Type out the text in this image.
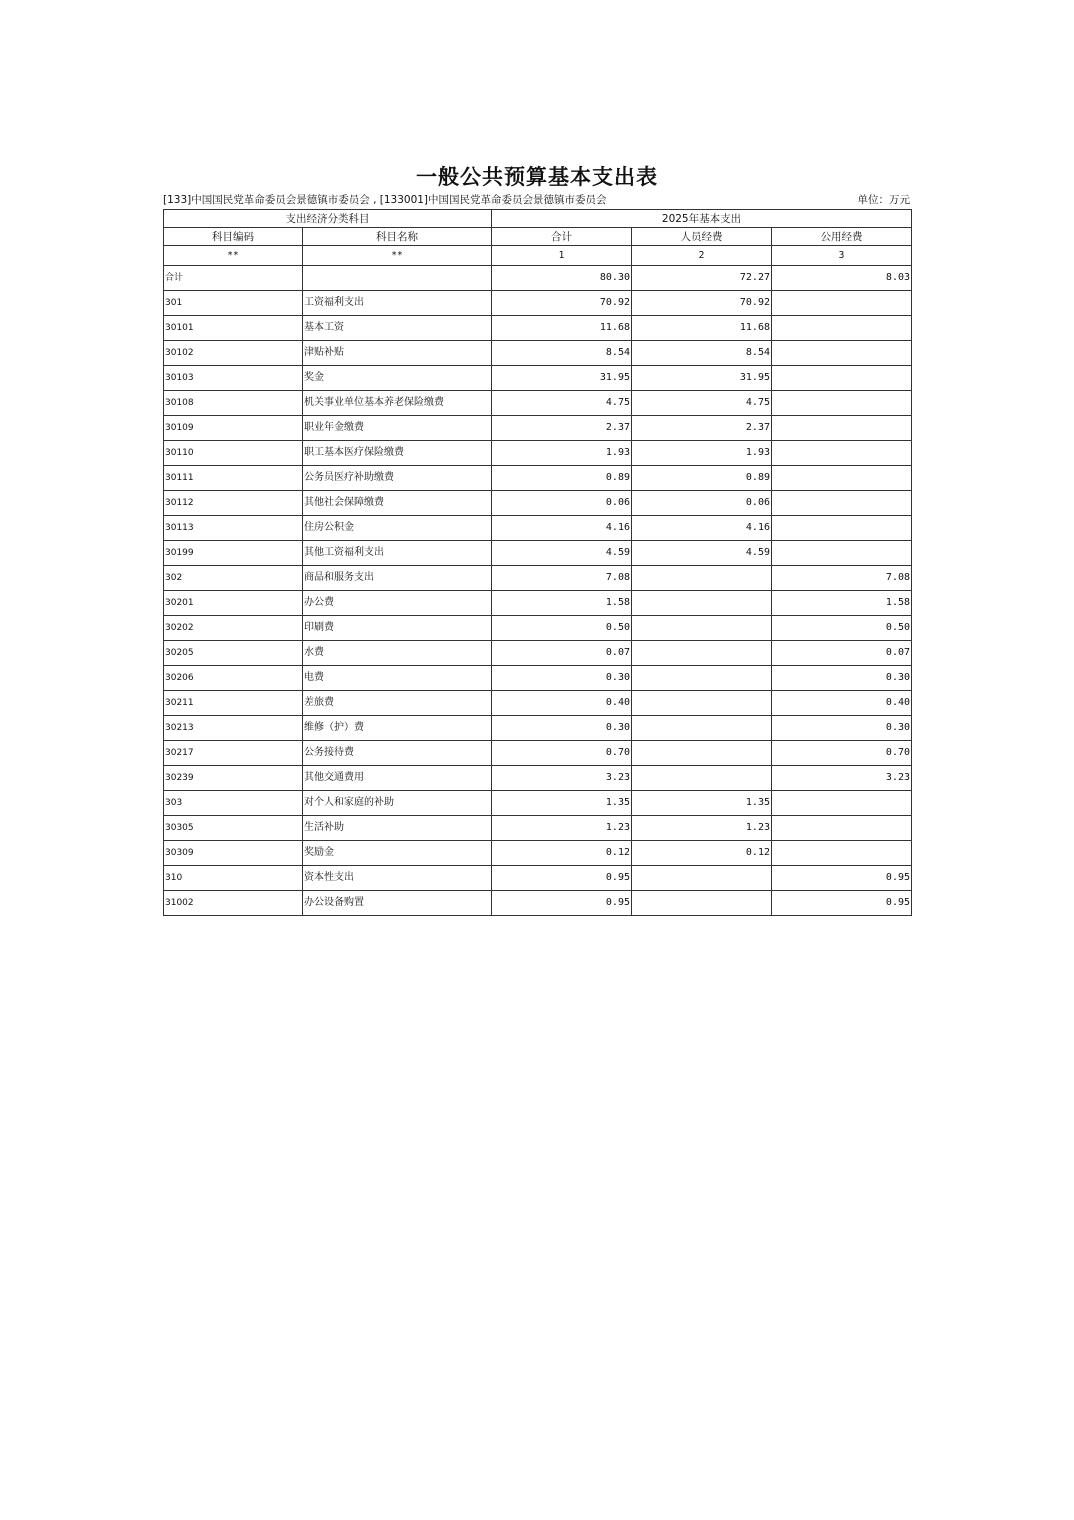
一般公共预算基本支出表
[133]中国国民党革命委员会景德镇市委员会 , [133001]中国国民党革命委员会景德镇市委员会	单位：万元
支出经济分类科目		2025年基本支出		
科目编码	科目名称	合计	人员经费	公用经费
**	**	1	2	3
合计		80.30	72.27	8.03
301	工资福利支出	70.92	70.92	
30101	基本工资	11.68	11.68	
30102	津贴补贴	8.54	8.54	
30103	奖金	31.95	31.95	
30108	机关事业单位基本养老保险缴费	4.75	4.75	
30109	职业年金缴费	2.37	2.37	
30110	职工基本医疗保险缴费	1.93	1.93	
30111	公务员医疗补助缴费	0.89	0.89	
30112	其他社会保障缴费	0.06	0.06	
30113	住房公积金	4.16	4.16	
30199	其他工资福利支出	4.59	4.59	
302	商品和服务支出	7.08		7.08
30201	办公费	1.58		1.58
30202	印刷费	0.50		0.50
30205	水费	0.07		0.07
30206	电费	0.30		0.30
30211	差旅费	0.40		0.40
30213	维修（护）费	0.30		0.30
30217	公务接待费	0.70		0.70
30239	其他交通费用	3.23		3.23
303	对个人和家庭的补助	1.35	1.35	
30305	生活补助	1.23	1.23	
30309	奖励金	0.12	0.12	
310	资本性支出	0.95		0.95
31002	办公设备购置	0.95		0.95
